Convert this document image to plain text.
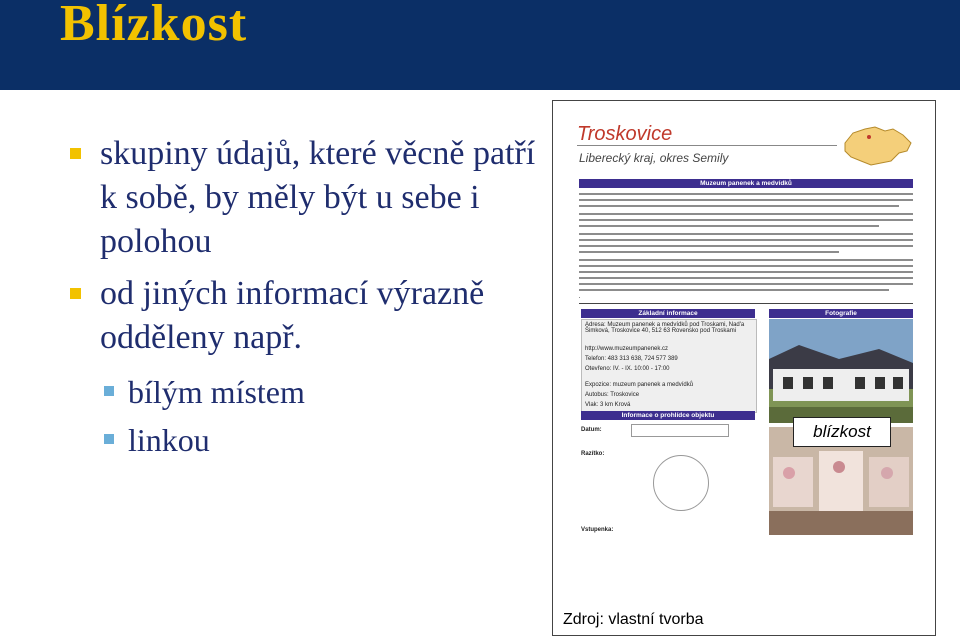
Blízkost
skupiny údajů, které věcně patří k sobě, by měly být u sebe i polohou
od jiných informací výrazně odděleny např.
bílým místem
linkou
Troskovice
Liberecký kraj, okres Semily
Muzeum panenek a medvídků
Základní informace	Fotografie
Adresa: Muzeum panenek a medvídků pod Troskami, Nad'a Šimková, Troskovice 40, 512 63 Rovensko pod Troskami
http://www.muzeumpanenek.cz
Telefon: 483 313 638, 724 577 389
Otevřeno: IV. - IX. 10:00 - 17:00
Expozice: muzeum panenek a medvídků
Autobus: Troskovice
Vlak: 3 km Krová
blízkost
Informace o prohlídce objektu
Datum:
Razítko:
Vstupenka:
Zdroj: vlastní tvorba
